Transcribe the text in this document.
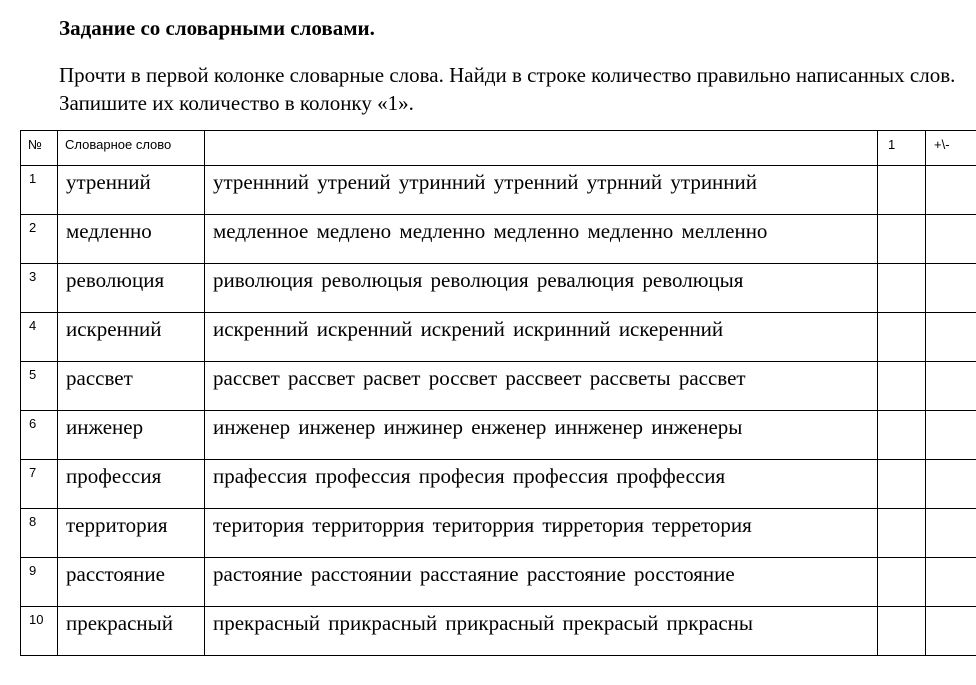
Задание со словарными словами.
Прочти в первой колонке словарные слова. Найди в строке количество правильно написанных слов. Запишите их количество в колонку «1».
№	Словарное слово		1	+\-
1	утренний	утреннний утрений утринний утренний утрнний утринний		
2	медленно	медленное медлено медленно медленно медленно мелленно		
3	революция	риволюция революцыя революция ревалюция революцыя		
4	искренний	искренний искренний искрений искринний искеренний		
5	рассвет	рассвет рассвет расвет россвет рассвеет рассветы рассвет		
6	инженер	инженер инженер инжинер енженер иннженер инженеры		
7	профессия	прафессия профессия професия профессия проффессия		
8	территория	територия территоррия територрия тирретория терретория		
9	расстояние	растояние расстоянии расстаяние расстояние росстояние		
10	прекрасный	прекрасный прикрасный прикрасный прекрасый пркрасны		
